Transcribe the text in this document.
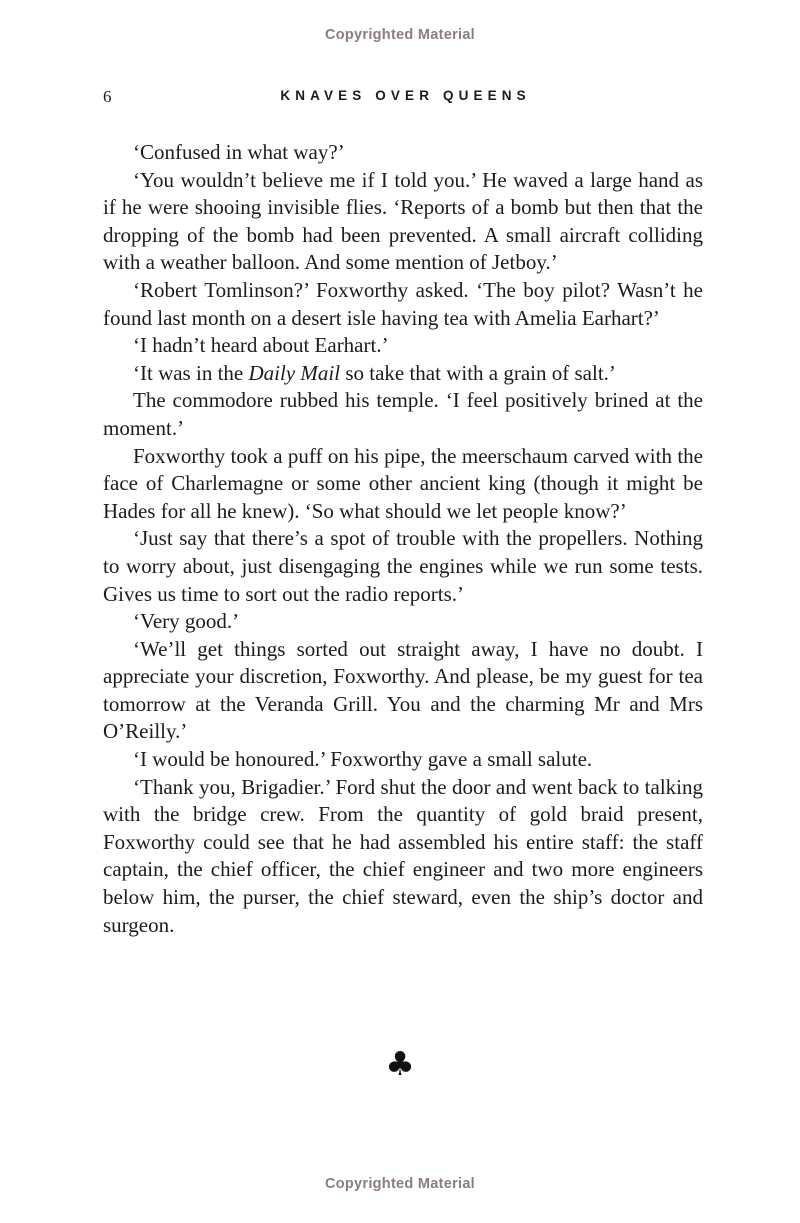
Copyrighted Material
6	KNAVES OVER QUEENS

‘Confused in what way?’

‘You wouldn’t believe me if I told you.’ He waved a large hand as if he were shooing invisible flies. ‘Reports of a bomb but then that the dropping of the bomb had been prevented. A small aircraft colliding with a weather balloon. And some mention of Jetboy.’

‘Robert Tomlinson?’ Foxworthy asked. ‘The boy pilot? Wasn’t he found last month on a desert isle having tea with Amelia Earhart?’

‘I hadn’t heard about Earhart.’

‘It was in the Daily Mail so take that with a grain of salt.’

The commodore rubbed his temple. ‘I feel positively brined at the moment.’

Foxworthy took a puff on his pipe, the meerschaum carved with the face of Charlemagne or some other ancient king (though it might be Hades for all he knew). ‘So what should we let people know?’

‘Just say that there’s a spot of trouble with the propellers. Nothing to worry about, just disengaging the engines while we run some tests. Gives us time to sort out the radio reports.’

‘Very good.’

‘We’ll get things sorted out straight away, I have no doubt. I appreciate your discretion, Foxworthy. And please, be my guest for tea tomorrow at the Veranda Grill. You and the charming Mr and Mrs O’Reilly.’

‘I would be honoured.’ Foxworthy gave a small salute.

‘Thank you, Brigadier.’ Ford shut the door and went back to talking with the bridge crew. From the quantity of gold braid present, Foxworthy could see that he had assembled his entire staff: the staff captain, the chief officer, the chief engineer and two more engineers below him, the purser, the chief steward, even the ship’s doctor and surgeon.

♣
Copyrighted Material
